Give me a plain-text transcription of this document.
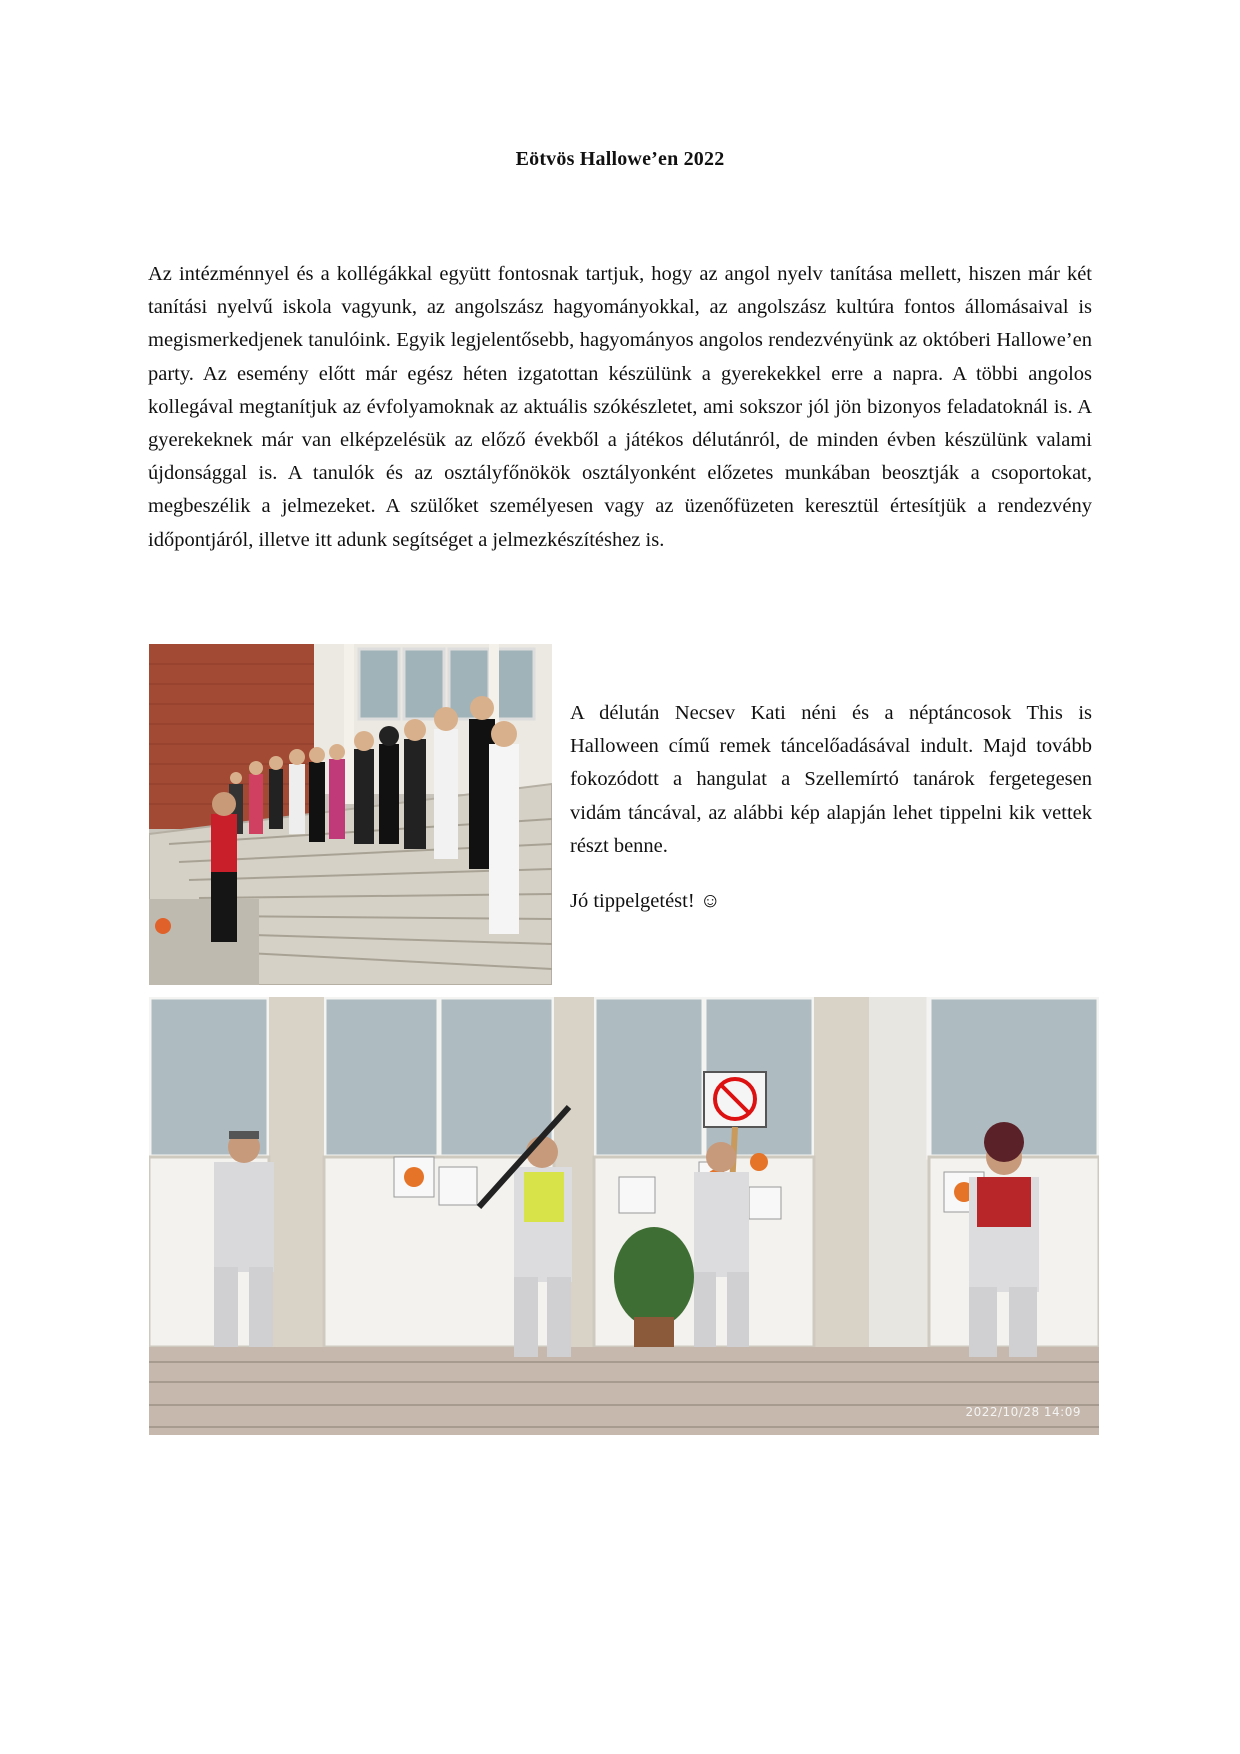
Eötvös Hallowe’en 2022

Az intézménnyel és a kollégákkal együtt fontosnak tartjuk, hogy az angol nyelv tanítása mellett, hiszen már két tanítási nyelvű iskola vagyunk, az angolszász hagyományokkal, az angolszász kultúra fontos állomásaival is megismerkedjenek tanulóink. Egyik legjelentősebb, hagyományos angolos rendezvényünk az októberi Hallowe’en party. Az esemény előtt már egész héten izgatottan készülünk a gyerekekkel erre a napra. A többi angolos kollegával megtanítjuk az évfolyamoknak az aktuális szókészletet, ami sokszor jól jön bizonyos feladatoknál is. A gyerekeknek már van elképzelésük az előző évekből a játékos délutánról, de minden évben készülünk valami újdonsággal is. A tanulók és az osztályfőnökök osztályonként előzetes munkában beosztják a csoportokat, megbeszélik a jelmezeket. A szülőket személyesen vagy az üzenőfüzeten keresztül értesítjük a rendezvény időpontjáról, illetve itt adunk segítséget a jelmezkészítéshez is.

A délután Necsev Kati néni és a néptáncosok This is Halloween című remek táncelőadásával indult. Majd tovább fokozódott a hangulat a Szellemírtó tanárok fergetegesen vidám táncával, az alábbi kép alapján lehet tippelni kik vettek részt benne.

Jó tippelgetést! ☺

2022/10/28 14:09
